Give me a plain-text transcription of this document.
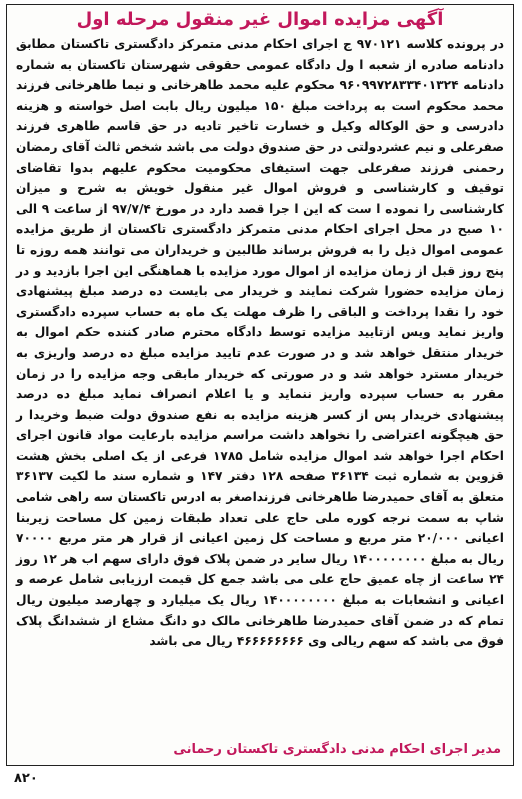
آگهی مزایده اموال غیر منقول مرحله اول
در پرونده کلاسه ۹۷۰۱۲۱ ج اجرای احکام مدنی متمرکز دادگستری تاکستان مطابق دادنامه صادره از شعبه ا ول دادگاه عمومی حقوقی شهرستان تاکستان به شماره دادنامه ۹۶۰۹۹۷۲۸۳۳۴۰۱۳۲۴ محکوم علیه محمد طاهرخانی و نیما طاهرخانی فرزند محمد محکوم است به پرداخت مبلغ ۱۵۰ میلیون ریال بابت اصل خواسته و هزینه دادرسی و حق الوکاله وکیل و خسارت تاخیر تادیه در حق قاسم طاهری فرزند صفرعلی و نیم عشردولتی در حق صندوق دولت می باشد شخص ثالث آقای رمضان رحمنی فرزند صفرعلی جهت استیفای محکومیت محکوم علیهم بدوا تقاضای توقیف و کارشناسی و فروش اموال غیر منقول خویش به شرح و میزان کارشناسی را نموده ا ست که این ا جرا قصد دارد در مورخ ۹۷/۷/۴ از ساعت ۹ الی ۱۰ صبح در محل اجرای احکام مدنی متمرکز دادگستری تاکستان از طریق مزایده عمومی اموال ذیل را به فروش برساند طالبین و خریداران می توانند همه روزه تا پنج روز قبل از زمان مزایده از اموال مورد مزایده با هماهنگی این اجرا بازدید و در زمان مزایده حضورا شرکت نمایند و خریدار می بایست ده درصد مبلغ پیشنهادی خود را نقدا پرداخت و الباقی را ظرف مهلت یک ماه به حساب سپرده دادگستری واریز نماید ویس ازتایید مزایده توسط دادگاه محترم صادر کننده حکم اموال به خریدار منتقل خواهد شد و در صورت عدم تایید مزایده مبلغ ده درصد واریزی به خریدار مسترد خواهد شد و در صورتی که خریدار مابقی وجه مزایده را در زمان مقرر به حساب سپرده واریز ننماید و یا اعلام انصراف نماید مبلغ ده درصد پیشنهادی خریدار پس از کسر هزینه مزایده به نفع صندوق دولت ضبط وخریدا ر حق هیچگونه اعتراضی را نخواهد داشت مراسم مزایده بارعایت مواد قانون اجرای احکام اجرا خواهد شد اموال مزایده شامل ۱۷۸۵ فرعی از یک اصلی بخش هشت قزوین به شماره ثبت ۳۶۱۳۴ صفحه ۱۲۸ دفتر ۱۴۷ و شماره سند ما لکیت ۳۶۱۳۷ متعلق به آقای حمیدرضا طاهرخانی فرزنداصغر به ادرس تاکستان سه راهی شامی شاپ به سمت نرجه کوره ملی حاج علی تعداد طبقات زمین کل مساحت زیربنا اعیانی ۲۰/۰۰۰ متر مربع و مساحت کل زمین اعیانی از قرار هر متر مربع ۷۰۰۰۰ ریال به مبلغ ۱۴۰۰۰۰۰۰۰۰ ریال سایر در ضمن پلاک فوق دارای سهم اب هر ۱۲ روز ۲۴ ساعت از چاه عمیق حاج علی می باشد جمع کل قیمت ارزیابی شامل عرصه و اعیانی و انشعابات به مبلغ ۱۴۰۰۰۰۰۰۰۰ ریال یک میلیارد و چهارصد میلیون ریال تمام که در ضمن آقای حمیدرضا طاهرخانی مالک دو دانگ مشاع از ششدانگ پلاک فوق می باشد که سهم ریالی وی ۴۶۶۶۶۶۶۶۶ ریال می باشد
مدیر اجرای احکام مدنی دادگستری تاکستان رحمانی
۸۲۰
